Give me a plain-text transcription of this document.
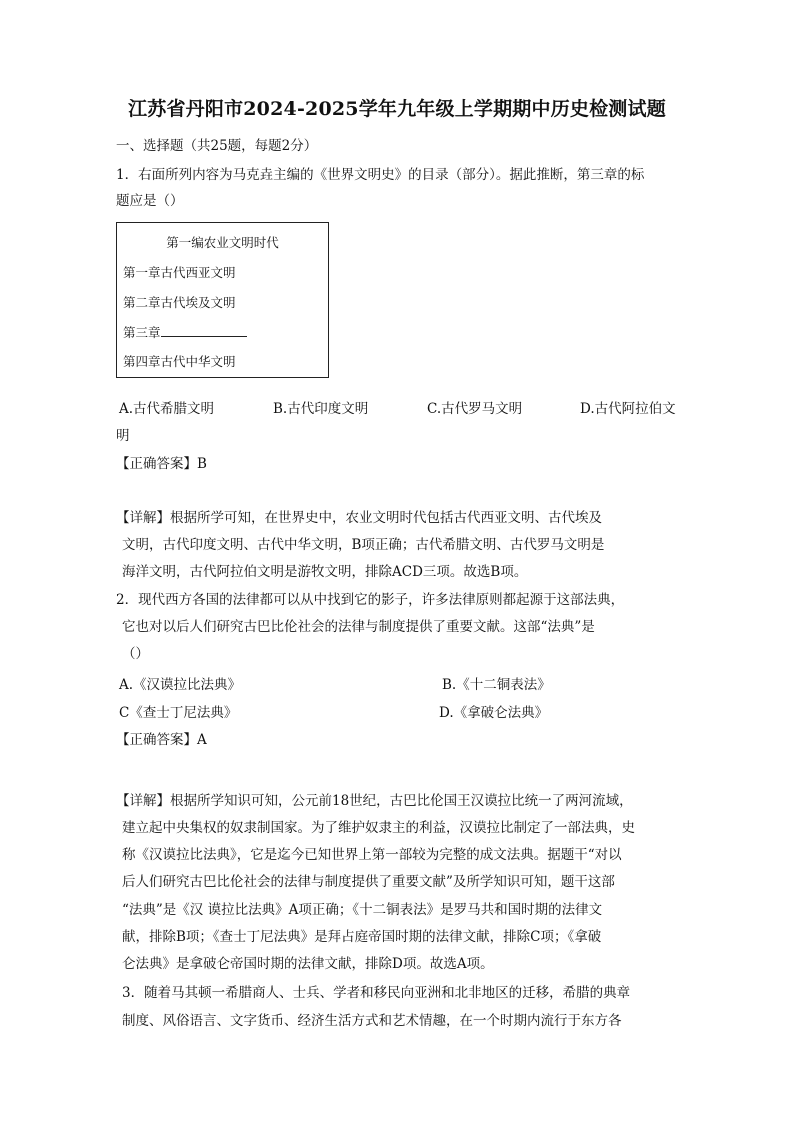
江苏省丹阳市2024-2025学年九年级上学期期中历史检测试题
一、选择题（共25题，每题2分）
1．右面所列内容为马克垚主编的《世界文明史》的目录（部分）。据此推断，第三章的标
题应是（）
第一编农业文明时代
第一章古代西亚文明
第二章古代埃及文明
第三章
第四章古代中华文明
A.古代希腊文明	B.古代印度文明	C.古代罗马文明	D.古代阿拉伯文
明
【正确答案】B
【详解】根据所学可知，在世界史中，农业文明时代包括古代西亚文明、古代埃及
文明，古代印度文明、古代中华文明，B项正确；古代希腊文明、古代罗马文明是
海洋文明，古代阿拉伯文明是游牧文明，排除ACD三项。故选B项。
2．现代西方各国的法律都可以从中找到它的影子，许多法律原则都起源于这部法典，
它也对以后人们研究古巴比伦社会的法律与制度提供了重要文献。这部“法典”是
（）
A.《汉谟拉比法典》	B.《十二铜表法》
C《查士丁尼法典》	D.《拿破仑法典》
【正确答案】A
【详解】根据所学知识可知，公元前18世纪，古巴比伦国王汉谟拉比统一了两河流域，
建立起中央集权的奴隶制国家。为了维护奴隶主的利益，汉谟拉比制定了一部法典，史
称《汉谟拉比法典》，它是迄今已知世界上第一部较为完整的成文法典。据题干“对以
后人们研究古巴比伦社会的法律与制度提供了重要文献”及所学知识可知，题干这部
“法典”是《汉 谟拉比法典》A项正确；《十二铜表法》是罗马共和国时期的法律文
献，排除B项；《查士丁尼法典》是拜占庭帝国时期的法律文献，排除C项；《拿破
仑法典》是拿破仑帝国时期的法律文献，排除D项。故选A项。
3．随着马其顿一希腊商人、士兵、学者和移民向亚洲和北非地区的迁移，希腊的典章
制度、风俗语言、文字货币、经济生活方式和艺术情趣，在一个时期内流行于东方各
